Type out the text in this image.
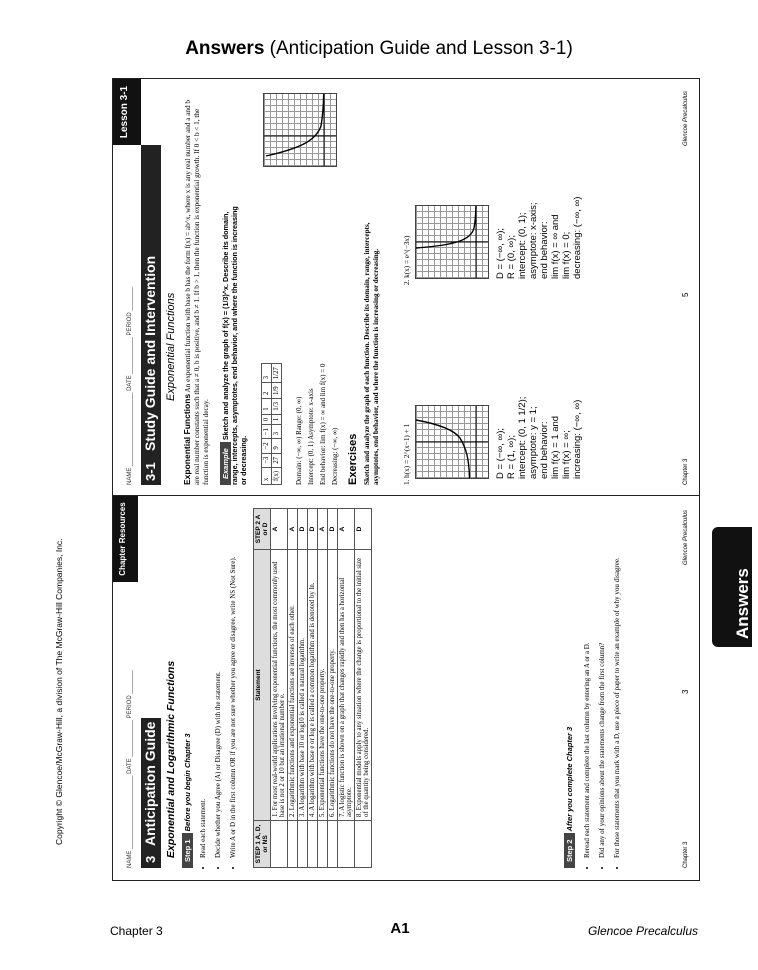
Answers (Anticipation Guide and Lesson 3-1)
Copyright © Glencoe/McGraw-Hill, a division of The McGraw-Hill Companies, Inc.
NAME ______________________ DATE ___________ PERIOD _______ 3-1
Study Guide and Intervention
Lesson 3-1
Exponential Functions
Exponential Functions An exponential function with base b has the form f(x) = ab^x, where x is any real number and a and b are real number constants such that a ≠ 0, b is positive, and b ≠ 1. If b > 1, then the function is exponential growth. If 0 < b < 1, the function is exponential decay. Example Sketch and analyze the graph of f(x) = (1/3)^x. Describe its domain, range, intercepts, asymptotes, end behavior, and where the function is increasing or decreasing. x	−3	−2	−1	0	1	2	3
f(x)	27	9	3	1	1/3	1/9	1/27
Domain: (−∞, ∞) Range: (0, ∞) Intercept: (0, 1) Asymptote: x-axis End behavior: lim f(x) = ∞ and lim f(x) = 0 Decreasing: (−∞, ∞) Exercises Sketch and analyze the graph of each function. Describe its domain, range, intercepts, asymptotes, end behavior, and where the function is increasing or decreasing.	1. h(x) = 2^(x−1) + 1
2. k(x) = e^(−3x)
D = (−∞, ∞); R = (1, ∞); intercept: (0, 1 1/2); asymptote: y = 1; end behavior: lim f(x) = 1 and lim f(x) = ∞; increasing: (−∞, ∞)
D = (−∞, ∞); R = (0, ∞); intercept: (0, 1); asymptote: x-axis; end behavior: lim f(x) = ∞ and lim f(x) = 0; decreasing: (−∞, ∞)
Chapter 3
5
Glencoe Precalculus
NAME ______________________ DATE ___________ PERIOD _______ 3
Anticipation Guide
Chapter Resources
Exponential and Logarithmic Functions Step 1 Before you begin Chapter 3 • Read each statement. • Decide whether you Agree (A) or Disagree (D) with the statement. • Write A or D in the first column OR if you are not sure whether you agree or disagree, write NS (Not Sure).	STEP 1 A, D, or NS	Statement	STEP 2 A or D
	1. For most real-world applications involving exponential functions, the most commonly used base is not 2 or 10 but an irrational number e.	A
	2. Logarithmic functions and exponential functions are inverses of each other.	A
	3. A logarithm with base 10 or log10 is called a natural logarithm.	D
	4. A logarithm with base e or log e is called a common logarithm and is denoted by ln.	D
	5. Exponential functions have the one-to-one property.	A
	6. Logarithmic functions do not have the one-to-one property.	D
	7. A logistic function is shown on a graph that changes rapidly and then has a horizontal asymptote.	A
	8. Exponential models apply to any situation where the change is proportional to the initial size of the quantity being considered.	D
Step 2 After you complete Chapter 3 • Reread each statement and complete the last column by entering an A or a D. • Did any of your opinions about the statements change from the first column? • For those statements that you mark with a D, use a piece of paper to write an example of why you disagree.	Chapter 3
3
Glencoe Precalculus
Answers
Chapter 3	A1	Glencoe Precalculus
